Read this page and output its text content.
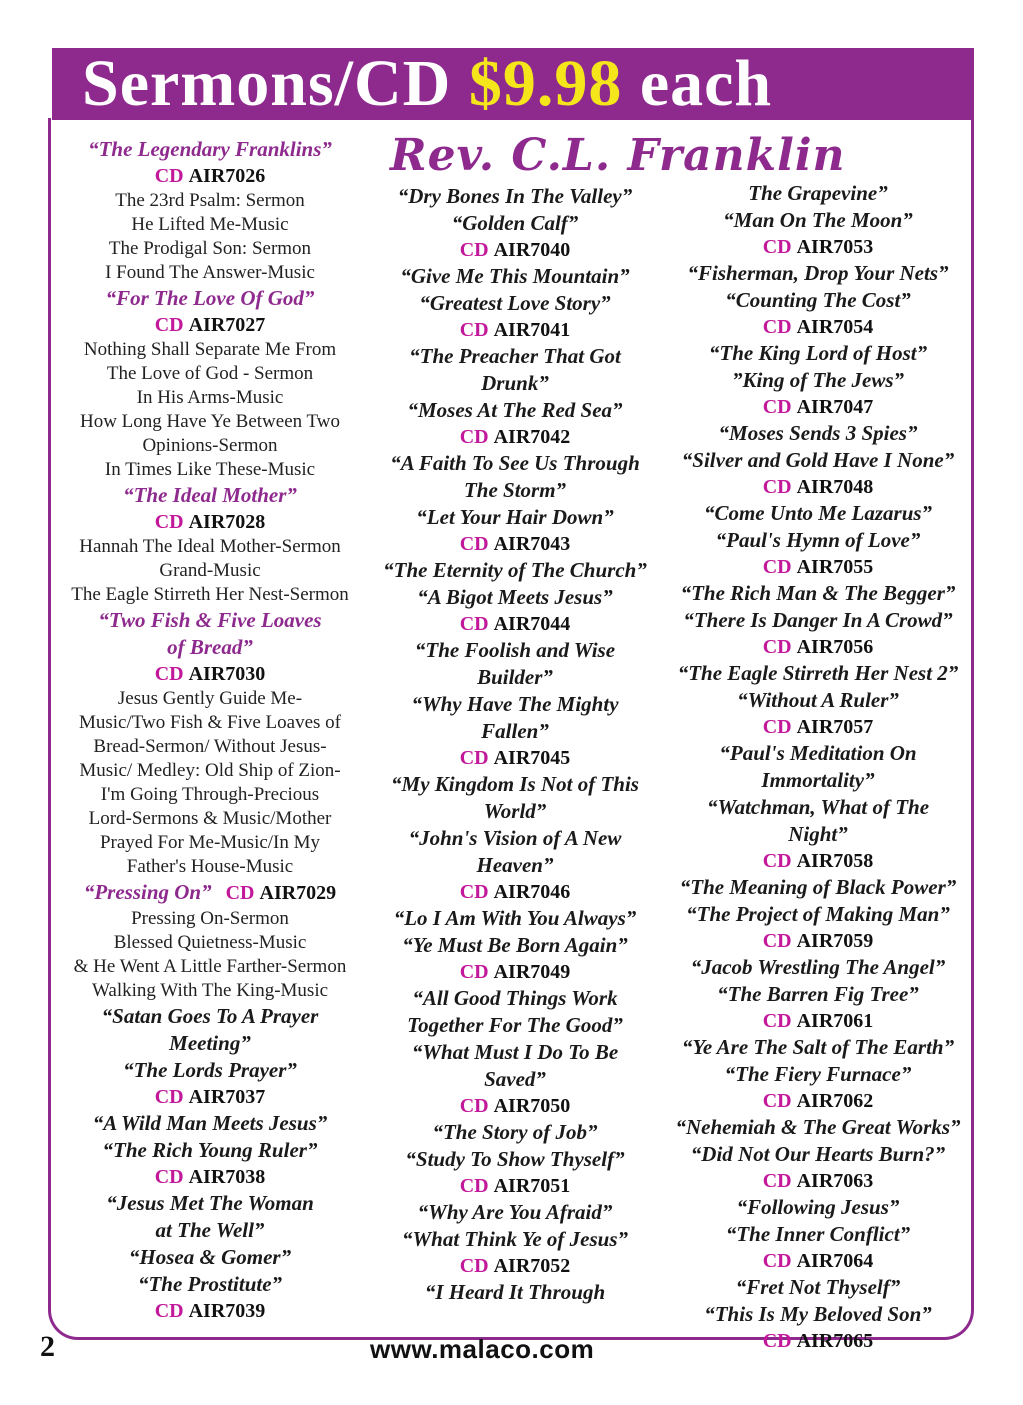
Sermons/CD $9.98 each
Rev. C.L. Franklin
“The Legendary Franklins”
CD AIR7026
The 23rd Psalm: Sermon
He Lifted Me-Music
The Prodigal Son: Sermon
I Found The Answer-Music
“For The Love Of God”
CD AIR7027
Nothing Shall Separate Me From
The Love of God - Sermon
In His Arms-Music
How Long Have Ye Between Two
Opinions-Sermon
In Times Like These-Music
“The Ideal Mother”
CD AIR7028
Hannah The Ideal Mother-Sermon
Grand-Music
The Eagle Stirreth Her Nest-Sermon
“Two Fish & Five Loaves
of Bread”
CD AIR7030
Jesus Gently Guide Me-
Music/Two Fish & Five Loaves of
Bread-Sermon/ Without Jesus-
Music/ Medley: Old Ship of Zion-
I'm Going Through-Precious
Lord-Sermons & Music/Mother
Prayed For Me-Music/In My
Father's House-Music
“Pressing On” CD AIR7029
Pressing On-Sermon
Blessed Quietness-Music
& He Went A Little Farther-Sermon
Walking With The King-Music
“Satan Goes To A Prayer
Meeting”
“The Lords Prayer”
CD AIR7037
“A Wild Man Meets Jesus”
“The Rich Young Ruler”
CD AIR7038
“Jesus Met The Woman
at The Well”
“Hosea & Gomer”
“The Prostitute”
CD AIR7039
“Dry Bones In The Valley”
“Golden Calf”
CD AIR7040
“Give Me This Mountain”
“Greatest Love Story”
CD AIR7041
“The Preacher That Got
Drunk”
“Moses At The Red Sea”
CD AIR7042
“A Faith To See Us Through
The Storm”
“Let Your Hair Down”
CD AIR7043
“The Eternity of The Church”
“A Bigot Meets Jesus”
CD AIR7044
“The Foolish and Wise
Builder”
“Why Have The Mighty
Fallen”
CD AIR7045
“My Kingdom Is Not of This
World”
“John's Vision of A New
Heaven”
CD AIR7046
“Lo I Am With You Always”
“Ye Must Be Born Again”
CD AIR7049
“All Good Things Work
Together For The Good”
“What Must I Do To Be
Saved”
CD AIR7050
“The Story of Job”
“Study To Show Thyself”
CD AIR7051
“Why Are You Afraid”
“What Think Ye of Jesus”
CD AIR7052
“I Heard It Through
The Grapevine”
“Man On The Moon”
CD AIR7053
“Fisherman, Drop Your Nets”
“Counting The Cost”
CD AIR7054
“The King Lord of Host”
”King of The Jews”
CD AIR7047
“Moses Sends 3 Spies”
“Silver and Gold Have I None”
CD AIR7048
“Come Unto Me Lazarus”
“Paul's Hymn of Love”
CD AIR7055
“The Rich Man & The Begger”
“There Is Danger In A Crowd”
CD AIR7056
“The Eagle Stirreth Her Nest 2”
“Without A Ruler”
CD AIR7057
“Paul's Meditation On
Immortality”
“Watchman, What of The
Night”
CD AIR7058
“The Meaning of Black Power”
“The Project of Making Man”
CD AIR7059
“Jacob Wrestling The Angel”
“The Barren Fig Tree”
CD AIR7061
“Ye Are The Salt of The Earth”
“The Fiery Furnace”
CD AIR7062
“Nehemiah & The Great Works”
“Did Not Our Hearts Burn?”
CD AIR7063
“Following Jesus”
“The Inner Conflict”
CD AIR7064
“Fret Not Thyself”
“This Is My Beloved Son”
CD AIR7065
2	www.malaco.com
